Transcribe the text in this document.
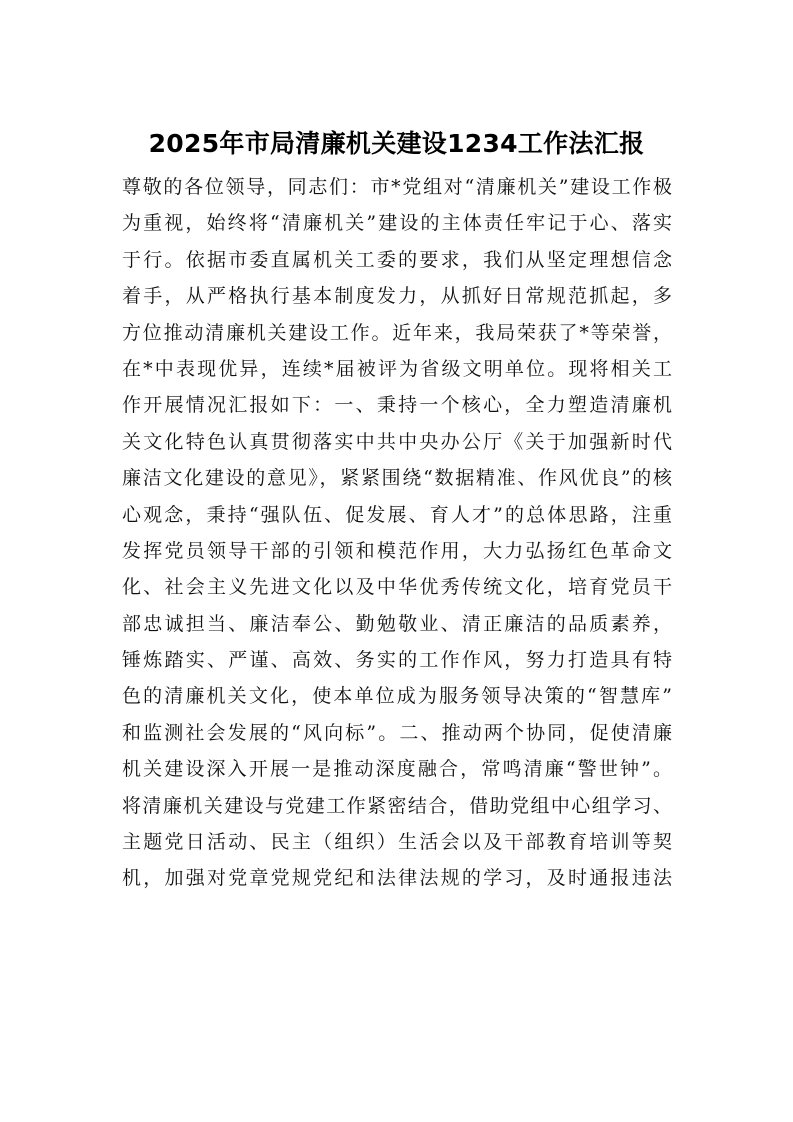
2025年市局清廉机关建设1234工作法汇报
尊敬的各位领导，同志们：市*党组对“清廉机关”建设工作极
为重视，始终将“清廉机关”建设的主体责任牢记于心、落实
于行。依据市委直属机关工委的要求，我们从坚定理想信念
着手，从严格执行基本制度发力，从抓好日常规范抓起，多
方位推动清廉机关建设工作。近年来，我局荣获了*等荣誉，
在*中表现优异，连续*届被评为省级文明单位。现将相关工
作开展情况汇报如下：一、秉持一个核心，全力塑造清廉机
关文化特色认真贯彻落实中共中央办公厅《关于加强新时代
廉洁文化建设的意见》，紧紧围绕“数据精准、作风优良”的核
心观念，秉持“强队伍、促发展、育人才”的总体思路，注重
发挥党员领导干部的引领和模范作用，大力弘扬红色革命文
化、社会主义先进文化以及中华优秀传统文化，培育党员干
部忠诚担当、廉洁奉公、勤勉敬业、清正廉洁的品质素养，
锤炼踏实、严谨、高效、务实的工作作风，努力打造具有特
色的清廉机关文化，使本单位成为服务领导决策的“智慧库”
和监测社会发展的“风向标”。二、推动两个协同，促使清廉
机关建设深入开展一是推动深度融合，常鸣清廉“警世钟”。
将清廉机关建设与党建工作紧密结合，借助党组中心组学习、
主题党日活动、民主（组织）生活会以及干部教育培训等契
机，加强对党章党规党纪和法律法规的学习，及时通报违法
